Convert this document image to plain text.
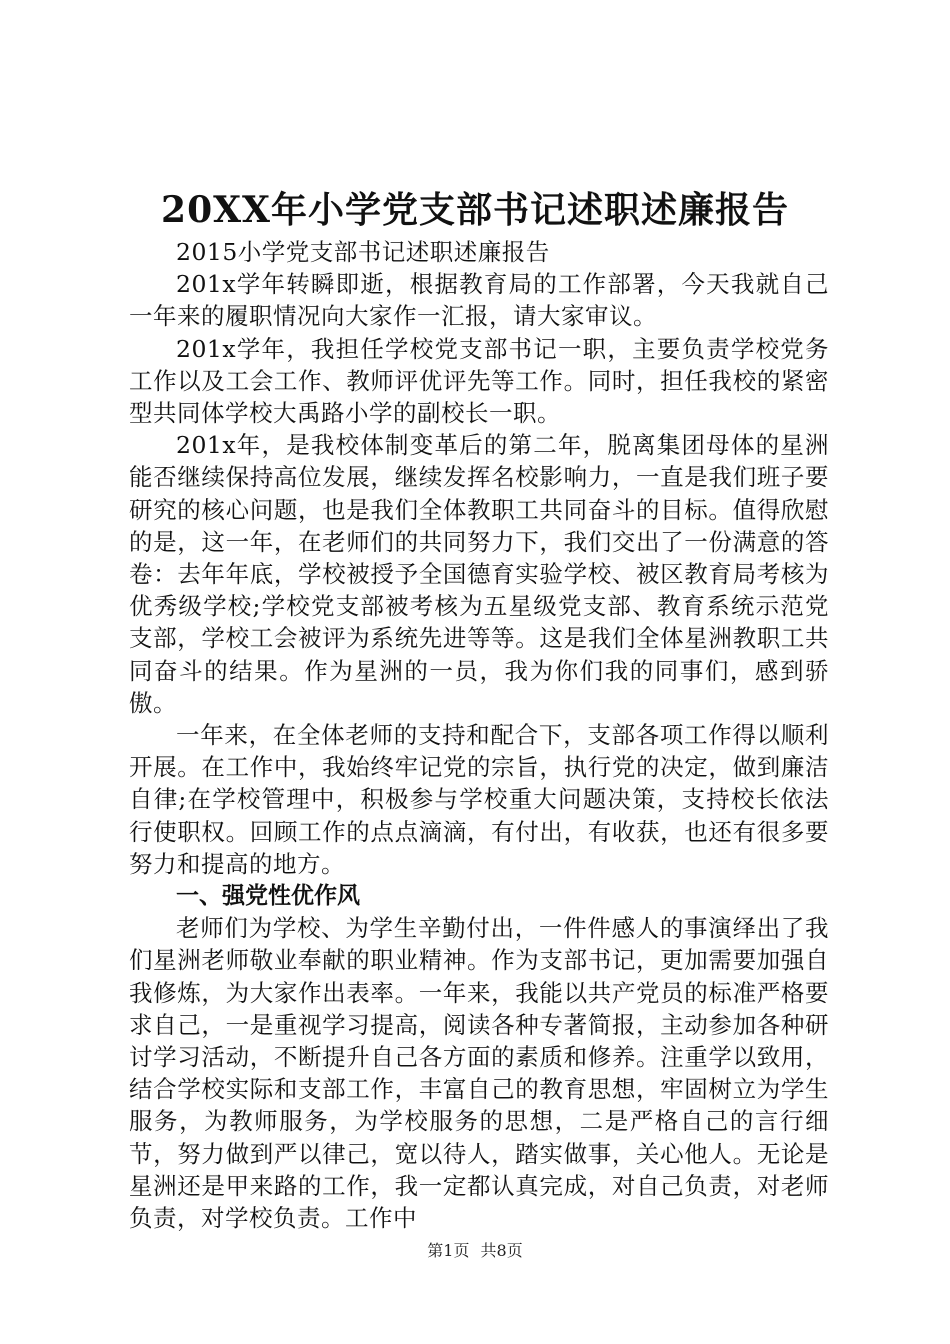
20XX年小学党支部书记述职述廉报告

2015小学党支部书记述职述廉报告

201x学年转瞬即逝，根据教育局的工作部署，今天我就自己一年来的履职情况向大家作一汇报，请大家审议。

201x学年，我担任学校党支部书记一职，主要负责学校党务工作以及工会工作、教师评优评先等工作。同时，担任我校的紧密型共同体学校大禹路小学的副校长一职。

201x年，是我校体制变革后的第二年，脱离集团母体的星洲能否继续保持高位发展，继续发挥名校影响力，一直是我们班子要研究的核心问题，也是我们全体教职工共同奋斗的目标。值得欣慰的是，这一年，在老师们的共同努力下，我们交出了一份满意的答卷：去年年底，学校被授予全国德育实验学校、被区教育局考核为优秀级学校;学校党支部被考核为五星级党支部、教育系统示范党支部，学校工会被评为系统先进等等。这是我们全体星洲教职工共同奋斗的结果。作为星洲的一员，我为你们我的同事们，感到骄傲。

一年来，在全体老师的支持和配合下，支部各项工作得以顺利开展。在工作中，我始终牢记党的宗旨，执行党的决定，做到廉洁自律;在学校管理中，积极参与学校重大问题决策，支持校长依法行使职权。回顾工作的点点滴滴，有付出，有收获，也还有很多要努力和提高的地方。

一、强党性优作风

老师们为学校、为学生辛勤付出，一件件感人的事演绎出了我们星洲老师敬业奉献的职业精神。作为支部书记，更加需要加强自我修炼，为大家作出表率。一年来，我能以共产党员的标准严格要求自己，一是重视学习提高，阅读各种专著简报，主动参加各种研讨学习活动，不断提升自己各方面的素质和修养。注重学以致用，结合学校实际和支部工作，丰富自己的教育思想，牢固树立为学生服务，为教师服务，为学校服务的思想，二是严格自己的言行细节，努力做到严以律己，宽以待人，踏实做事，关心他人。无论是星洲还是甲来路的工作，我一定都认真完成，对自己负责，对老师负责，对学校负责。工作中

第1页 共8页
